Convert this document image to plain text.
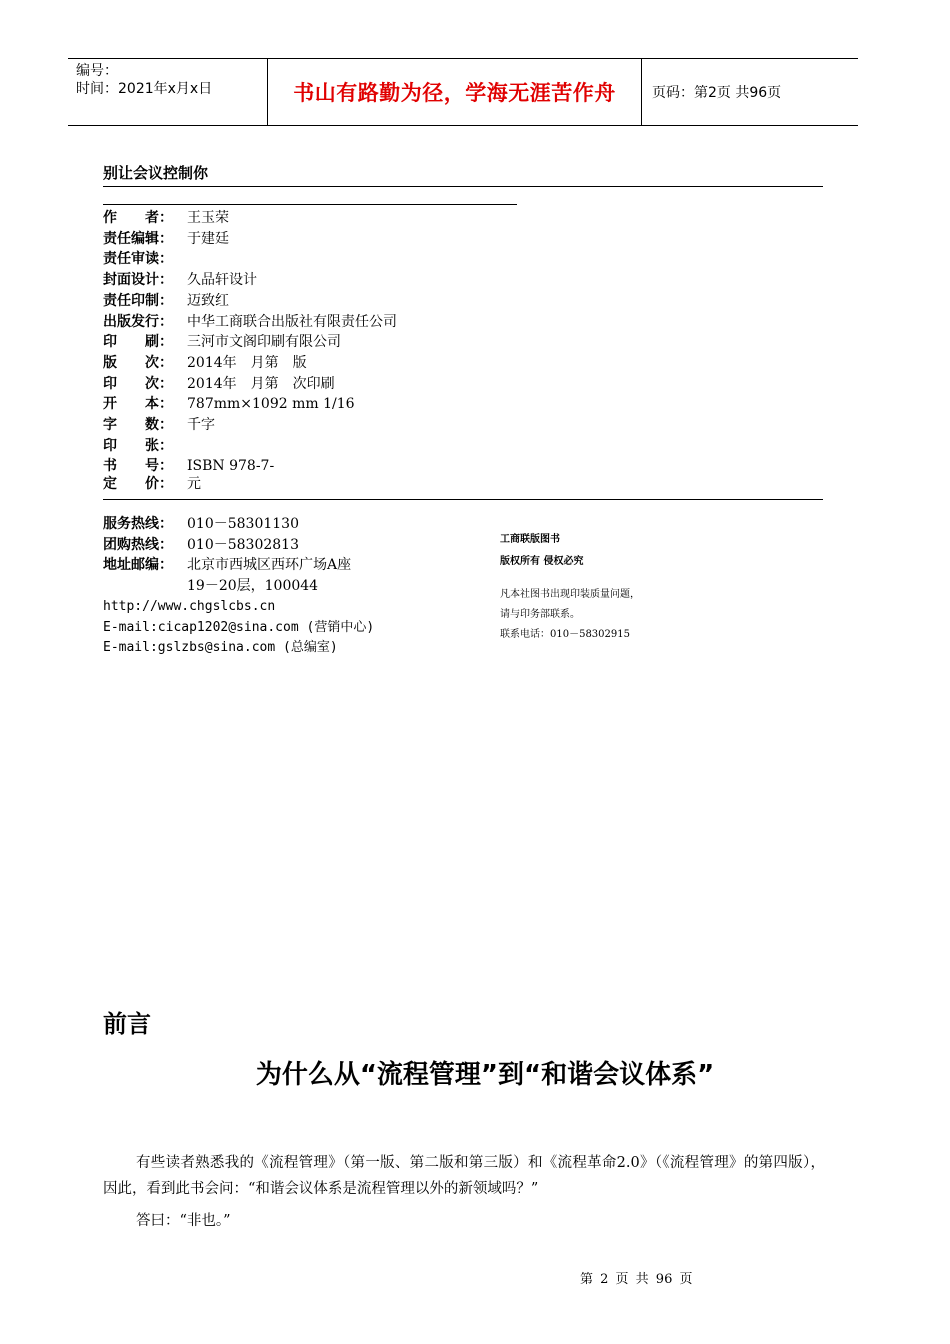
编号：
时间：2021年x月x日	书山有路勤为径，学海无涯苦作舟	页码：第2页 共96页
别让会议控制你
作　　者：	王玉荣
责任编辑：	于建廷
责任审读：
封面设计：	久品轩设计
责任印制：	迈致红
出版发行：	中华工商联合出版社有限责任公司
印　　刷：	三河市文阁印刷有限公司
版　　次：	2014年　月第　版
印　　次：	2014年　月第　次印刷
开　　本：	787mm×1092 mm 1/16
字　　数：	千字
印　　张：
书　　号：	ISBN 978-7-
定　　价：	元
服务热线：	010－58301130
团购热线：	010－58302813
地址邮编：	北京市西城区西环广场A座
19－20层，100044
http://www.chgslcbs.cn
E-mail:cicap1202@sina.com (营销中心)
E-mail:gslzbs@sina.com (总编室)
工商联版图书
版权所有 侵权必究
凡本社图书出现印装质量问题，
请与印务部联系。
联系电话：010－58302915
前言
为什么从“流程管理”到“和谐会议体系”
有些读者熟悉我的《流程管理》（第一版、第二版和第三版）和《流程革命2.0》（《流程管理》的第四版），因此，看到此书会问：“和谐会议体系是流程管理以外的新领域吗？”
答曰：“非也。”
第 2 页 共 96 页
